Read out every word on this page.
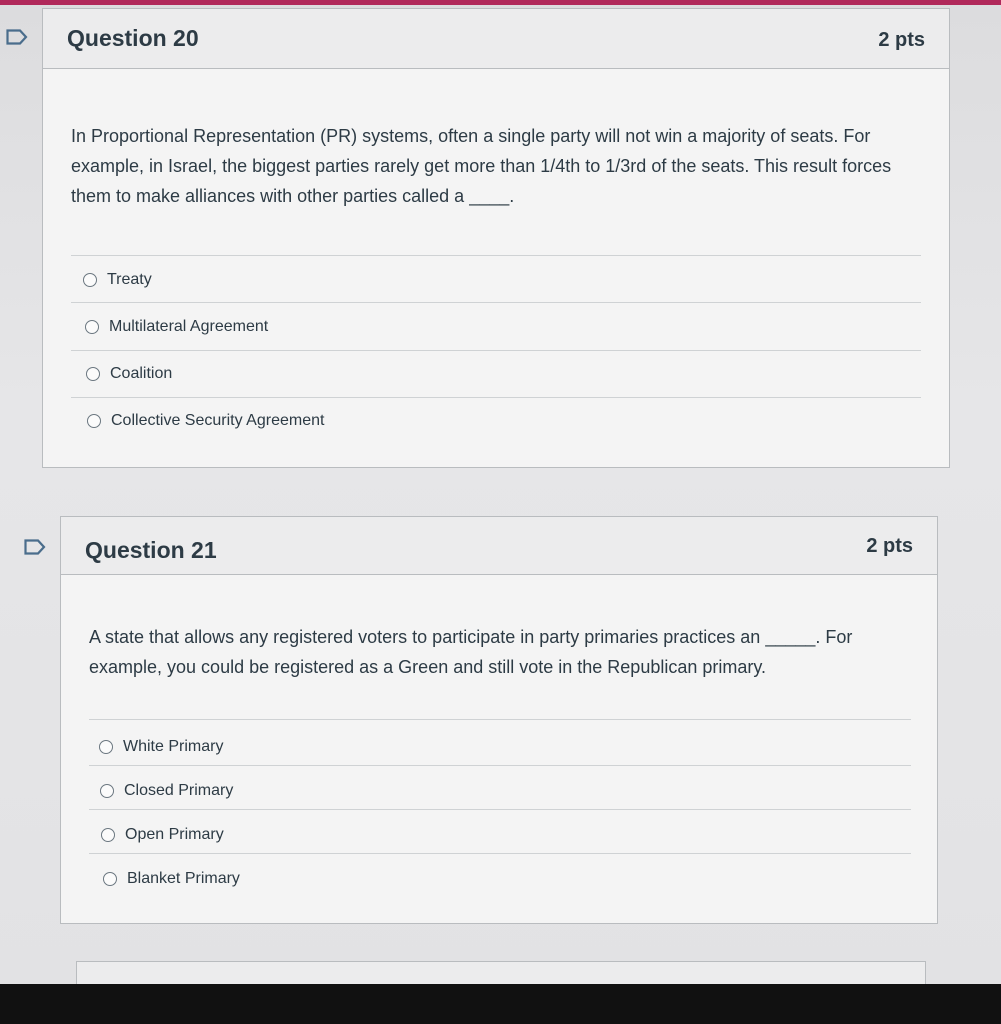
Question 20	2 pts
In Proportional Representation (PR) systems, often a single party will not win a majority of seats. For example, in Israel, the biggest parties rarely get more than 1/4th to 1/3rd of the seats. This result forces them to make alliances with other parties called a ____.
Treaty
Multilateral Agreement
Coalition
Collective Security Agreement
Question 21	2 pts
A state that allows any registered voters to participate in party primaries practices an _____. For example, you could be registered as a Green and still vote in the Republican primary.
White Primary
Closed Primary
Open Primary
Blanket Primary
